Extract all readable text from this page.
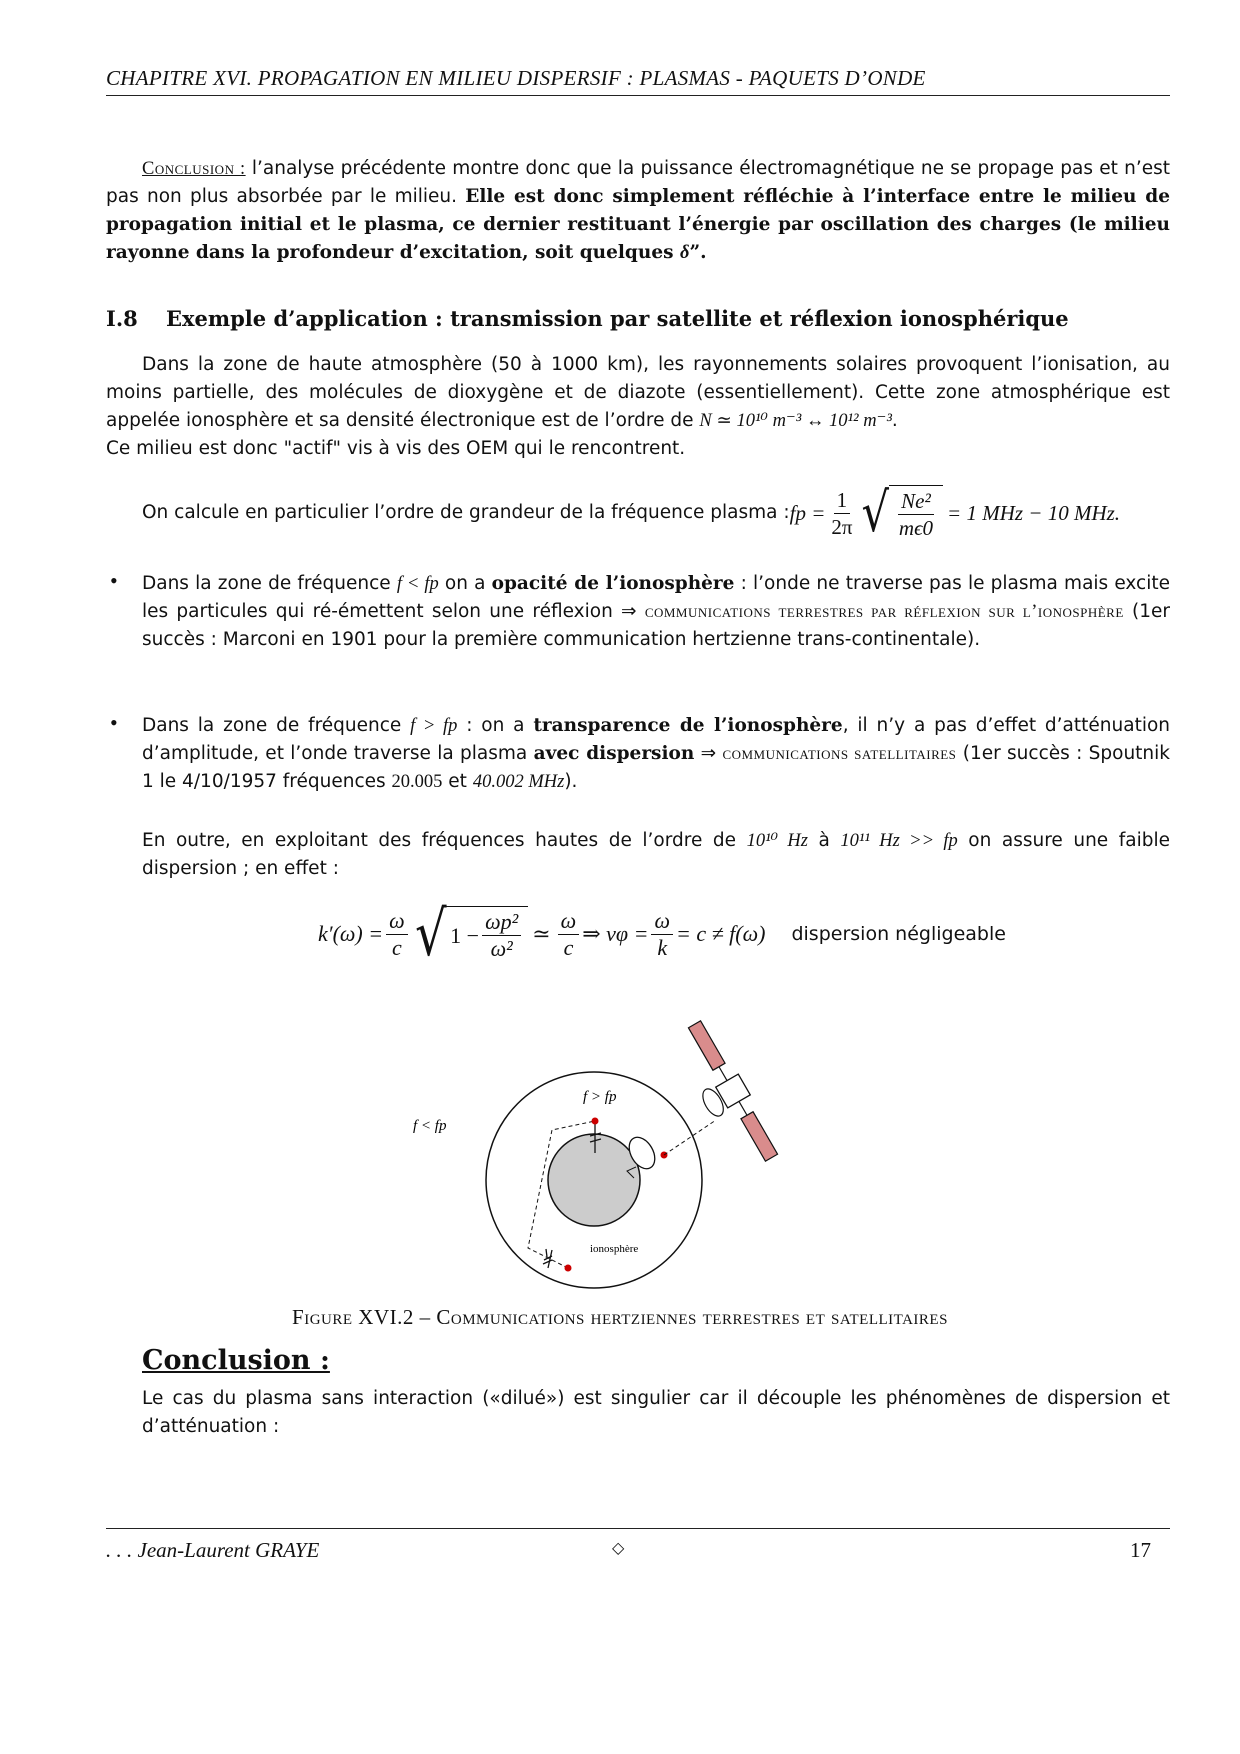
CHAPITRE XVI. PROPAGATION EN MILIEU DISPERSIF : PLASMAS - PAQUETS D’ONDE
Conclusion : l’analyse précédente montre donc que la puissance électromagnétique ne se propage pas et n’est pas non plus absorbée par le milieu. Elle est donc simplement réfléchie à l’interface entre le milieu de propagation initial et le plasma, ce dernier restituant l’énergie par oscillation des charges (le milieu rayonne dans la profondeur d’excitation, soit quelques δ”.
I.8 Exemple d’application : transmission par satellite et réflexion ionosphérique
Dans la zone de haute atmosphère (50 à 1000 km), les rayonnements solaires provoquent l’ionisation, au moins partielle, des molécules de dioxygène et de diazote (essentiellement). Cette zone atmosphérique est appelée ionosphère et sa densité électronique est de l’ordre de N ≃ 10¹⁰ m⁻³ ↔ 10¹² m⁻³.
Ce milieu est donc "actif" vis à vis des OEM qui le rencontrent.
On calcule en particulier l’ordre de grandeur de la fréquence plasma : fp = $\frac{1}{2\pi}$ √ $\frac{\text{Ne²}}{m\epsilon 0} = 1$ MHz − 10 MHz.
• Dans la zone de fréquence f < fp on a opacité de l’ionosphère : l’onde ne traverse pas le plasma mais excite les particules qui ré-émettent selon une réflexion ⇒ communications terrestres par réflexion sur l’ionosphère (1er succès : Marconi en 1901 pour la première communication hertzienne trans-continentale).
• Dans la zone de fréquence f > fp : on a transparence de l’ionosphère, il n’y a pas d’effet d’atténuation d’amplitude, et l’onde traverse la plasma avec dispersion ⇒ communications satellitaires (1er succès : Spoutnik 1 le 4/10/1957 fréquences 20.005 et 40.002 MHz).
En outre, en exploitant des fréquences hautes de l’ordre de 10¹⁰ Hz à 10¹¹ Hz >> fp on assure une faible dispersion ; en effet :
$k'(\omega) = \frac{\omega}{c}$ √ $1 - \frac{\text{ωp²}}{\text{ω²}}$ ≃ $\frac{\omega}{c}$ ⇒ $v\varphi = \frac{\omega}{k} = c \ne f(\omega)$ dispersion négligeable
f < fp
f > fp
ionosphère
Figure XVI.2 – Communications hertziennes terrestres et satellitaires
Conclusion :
Le cas du plasma sans interaction («dilué») est singulier car il découple les phénomènes de dispersion et d’atténuation :
. . . Jean-Laurent GRAYE	◇	17
